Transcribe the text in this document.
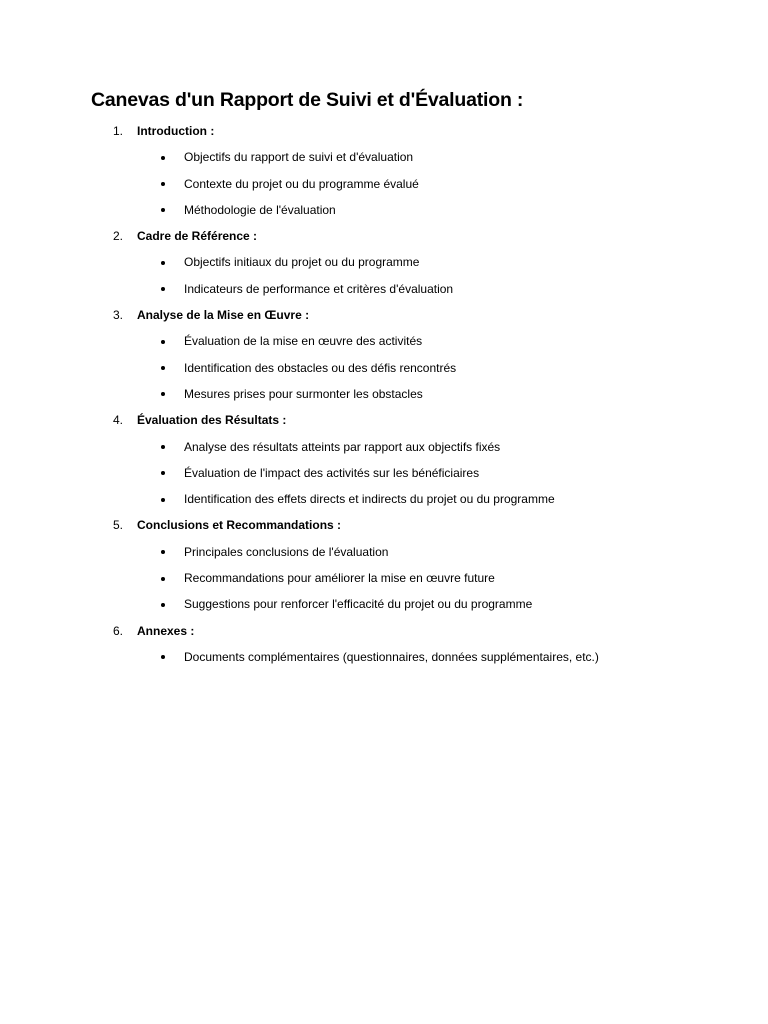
Canevas d'un Rapport de Suivi et d'Évaluation :
1. Introduction :
Objectifs du rapport de suivi et d'évaluation
Contexte du projet ou du programme évalué
Méthodologie de l'évaluation
2. Cadre de Référence :
Objectifs initiaux du projet ou du programme
Indicateurs de performance et critères d'évaluation
3. Analyse de la Mise en Œuvre :
Évaluation de la mise en œuvre des activités
Identification des obstacles ou des défis rencontrés
Mesures prises pour surmonter les obstacles
4. Évaluation des Résultats :
Analyse des résultats atteints par rapport aux objectifs fixés
Évaluation de l'impact des activités sur les bénéficiaires
Identification des effets directs et indirects du projet ou du programme
5. Conclusions et Recommandations :
Principales conclusions de l'évaluation
Recommandations pour améliorer la mise en œuvre future
Suggestions pour renforcer l'efficacité du projet ou du programme
6. Annexes :
Documents complémentaires (questionnaires, données supplémentaires, etc.)
